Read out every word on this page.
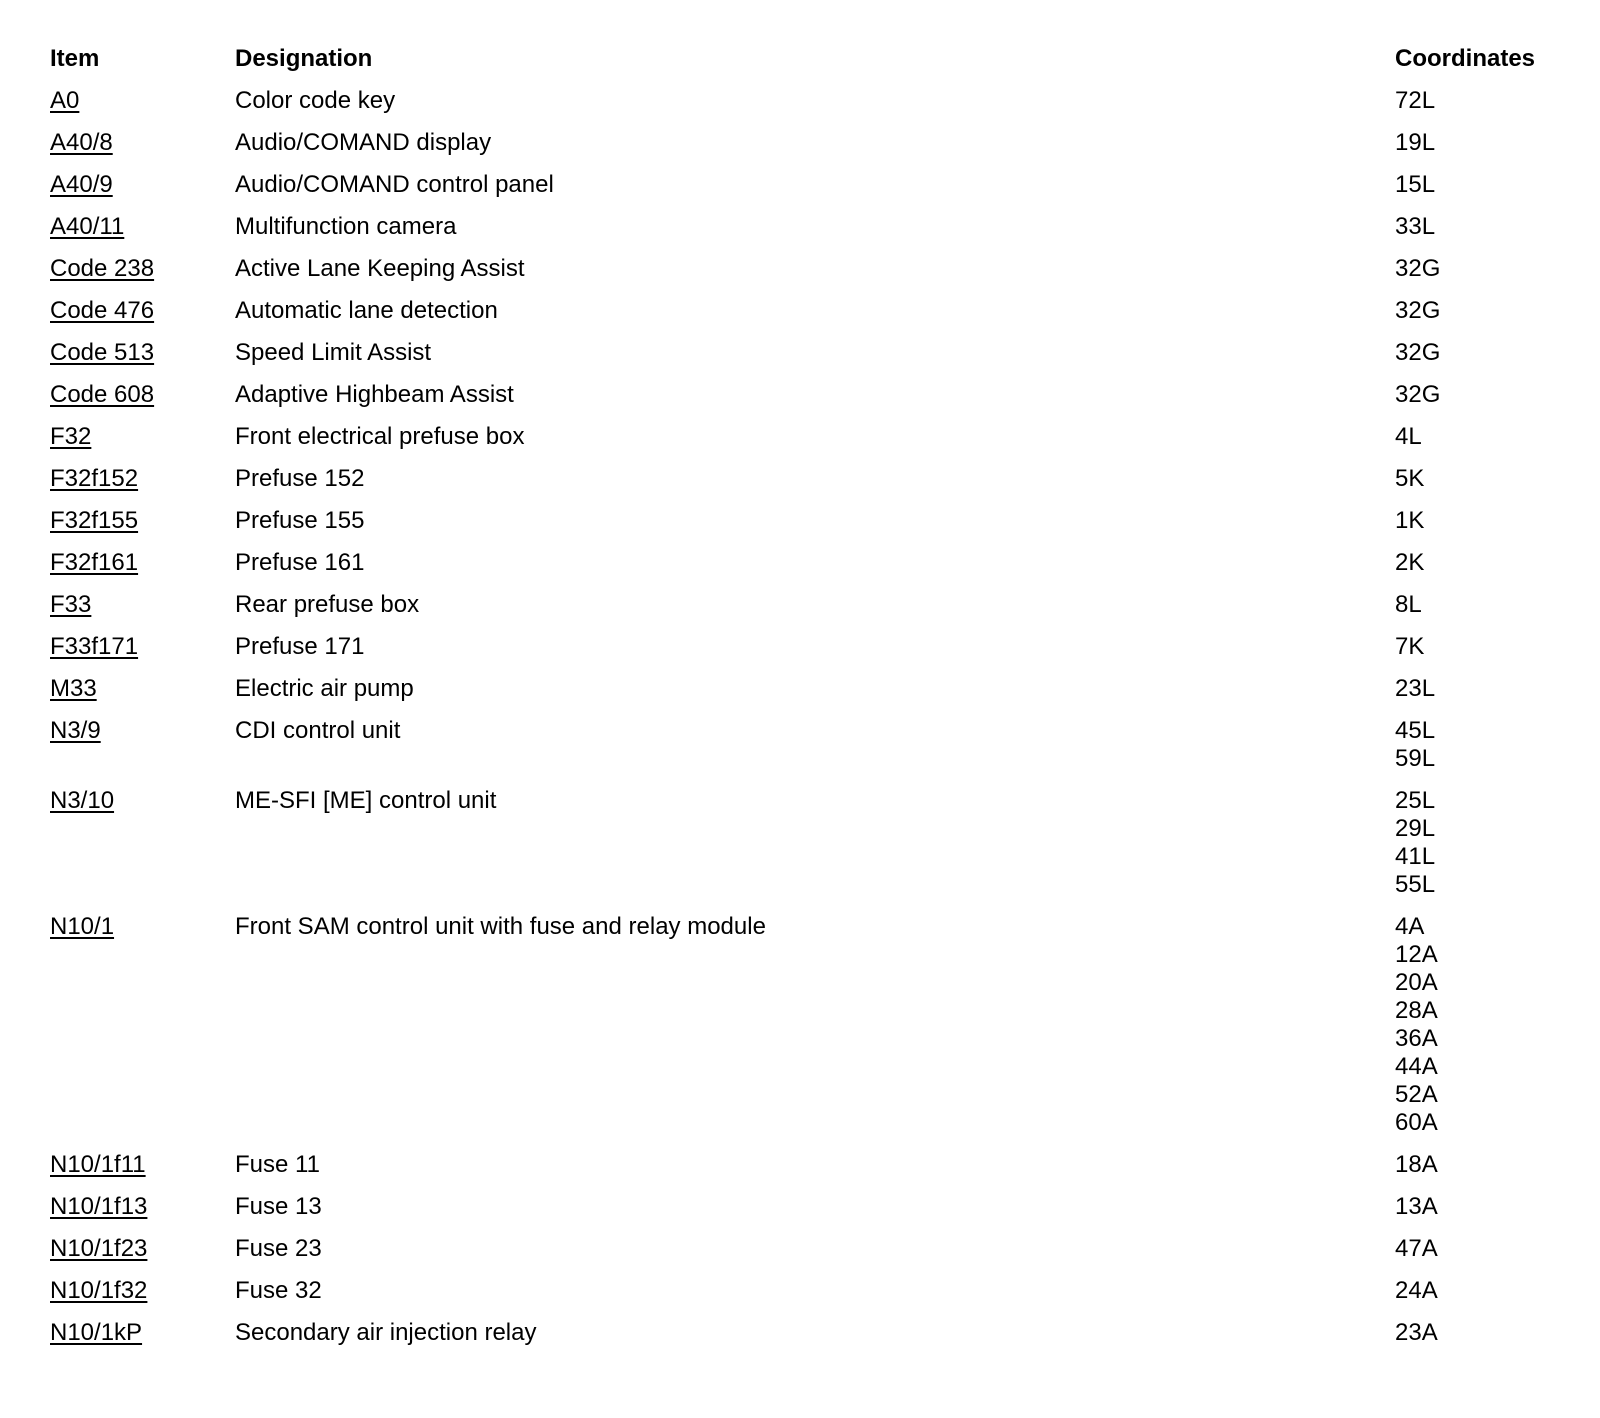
Item	Designation	Coordinates
A0	Color code key	72L
A40/8	Audio/COMAND display	19L
A40/9	Audio/COMAND control panel	15L
A40/11	Multifunction camera	33L
Code 238	Active Lane Keeping Assist	32G
Code 476	Automatic lane detection	32G
Code 513	Speed Limit Assist	32G
Code 608	Adaptive Highbeam Assist	32G
F32	Front electrical prefuse box	4L
F32f152	Prefuse 152	5K
F32f155	Prefuse 155	1K
F32f161	Prefuse 161	2K
F33	Rear prefuse box	8L
F33f171	Prefuse 171	7K
M33	Electric air pump	23L
N3/9	CDI control unit	45L
59L
N3/10	ME-SFI [ME] control unit	25L
29L
41L
55L
N10/1	Front SAM control unit with fuse and relay module	4A
12A
20A
28A
36A
44A
52A
60A
N10/1f11	Fuse 11	18A
N10/1f13	Fuse 13	13A
N10/1f23	Fuse 23	47A
N10/1f32	Fuse 32	24A
N10/1kP	Secondary air injection relay	23A
